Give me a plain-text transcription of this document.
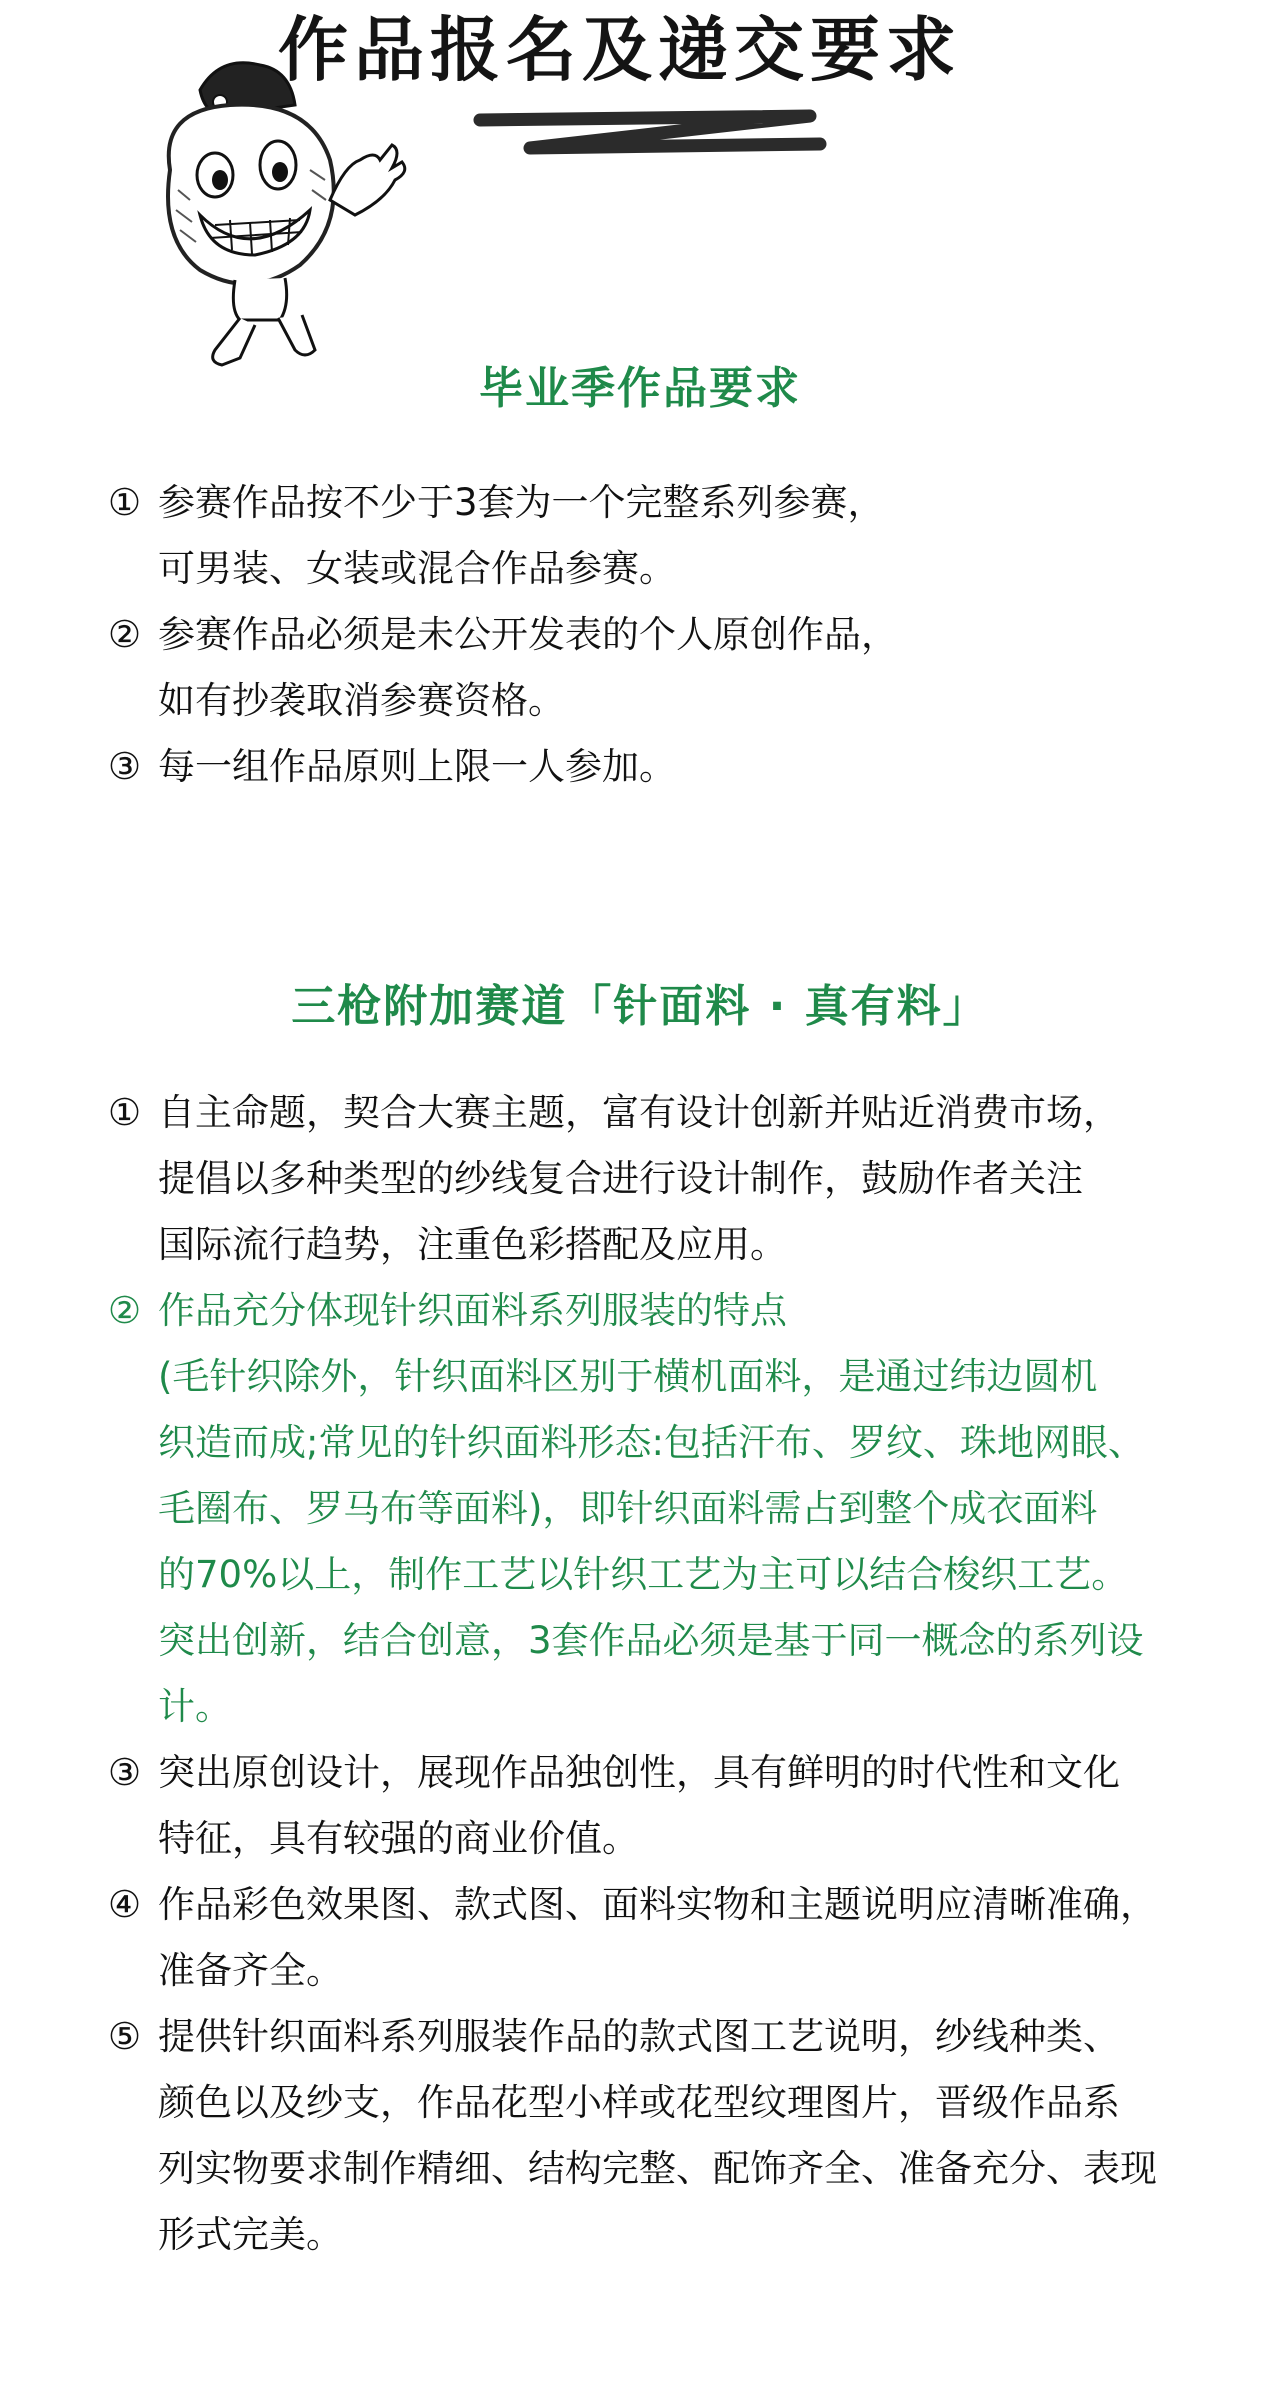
作品报名及递交要求
毕业季作品要求
① 参赛作品按不少于3套为一个完整系列参赛，
可男装、女装或混合作品参赛。
② 参赛作品必须是未公开发表的个人原创作品，
如有抄袭取消参赛资格。
③ 每一组作品原则上限一人参加。
三枪附加赛道「针面料 · 真有料」
① 自主命题，契合大赛主题，富有设计创新并贴近消费市场，
提倡以多种类型的纱线复合进行设计制作，鼓励作者关注
国际流行趋势，注重色彩搭配及应用。
② 作品充分体现针织面料系列服装的特点
(毛针织除外，针织面料区别于横机面料，是通过纬边圆机
织造而成;常见的针织面料形态:包括汗布、罗纹、珠地网眼、
毛圈布、罗马布等面料)，即针织面料需占到整个成衣面料
的70%以上，制作工艺以针织工艺为主可以结合梭织工艺。
突出创新，结合创意，3套作品必须是基于同一概念的系列设计。
③ 突出原创设计，展现作品独创性，具有鲜明的时代性和文化
特征，具有较强的商业价值。
④ 作品彩色效果图、款式图、面料实物和主题说明应清晰准确，
准备齐全。
⑤ 提供针织面料系列服装作品的款式图工艺说明，纱线种类、
颜色以及纱支，作品花型小样或花型纹理图片，晋级作品系
列实物要求制作精细、结构完整、配饰齐全、准备充分、表现
形式完美。
